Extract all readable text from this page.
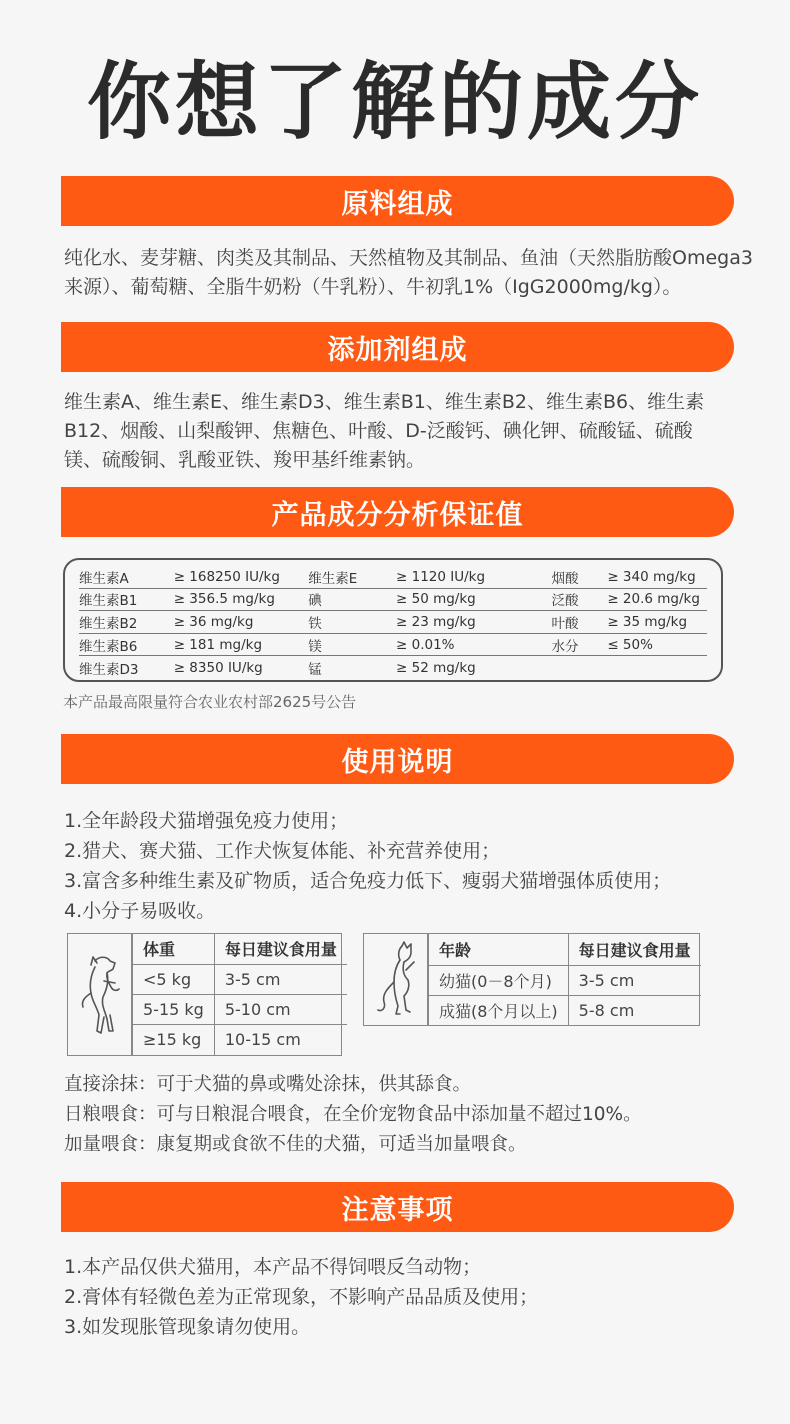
你想了解的成分
原料组成
纯化水、麦芽糖、肉类及其制品、天然植物及其制品、鱼油（天然脂肪酸Omega3
来源）、葡萄糖、全脂牛奶粉（牛乳粉）、牛初乳1%（IgG2000mg/kg）。
添加剂组成
维生素A、维生素E、维生素D3、维生素B1、维生素B2、维生素B6、维生素
B12、烟酸、山梨酸钾、焦糖色、叶酸、D-泛酸钙、碘化钾、硫酸锰、硫酸
镁、硫酸铜、乳酸亚铁、羧甲基纤维素钠。
产品成分分析保证值
维生素A	≥ 168250 IU/kg	维生素E	≥ 1120 IU/kg	烟酸	≥ 340 mg/kg
维生素B1	≥ 356.5 mg/kg	碘	≥ 50 mg/kg	泛酸	≥ 20.6 mg/kg
维生素B2	≥ 36 mg/kg	铁	≥ 23 mg/kg	叶酸	≥ 35 mg/kg
维生素B6	≥ 181 mg/kg	镁	≥ 0.01%	水分	≤ 50%
维生素D3	≥ 8350 IU/kg	锰	≥ 52 mg/kg
本产品最高限量符合农业农村部2625号公告
使用说明
1.全年龄段犬猫增强免疫力使用；
2.猎犬、赛犬猫、工作犬恢复体能、补充营养使用；
3.富含多种维生素及矿物质，适合免疫力低下、瘦弱犬猫增强体质使用；
4.小分子易吸收。
体重	每日建议食用量
<5 kg	3-5 cm
5-15 kg	5-10 cm
≥15 kg	10-15 cm
年龄	每日建议食用量
幼猫(0－8个月)	3-5 cm
成猫(8个月以上)	5-8 cm
直接涂抹：可于犬猫的鼻或嘴处涂抹，供其舔食。
日粮喂食：可与日粮混合喂食，在全价宠物食品中添加量不超过10%。
加量喂食：康复期或食欲不佳的犬猫，可适当加量喂食。
注意事项
1.本产品仅供犬猫用，本产品不得饲喂反刍动物；
2.膏体有轻微色差为正常现象，不影响产品品质及使用；
3.如发现胀管现象请勿使用。
